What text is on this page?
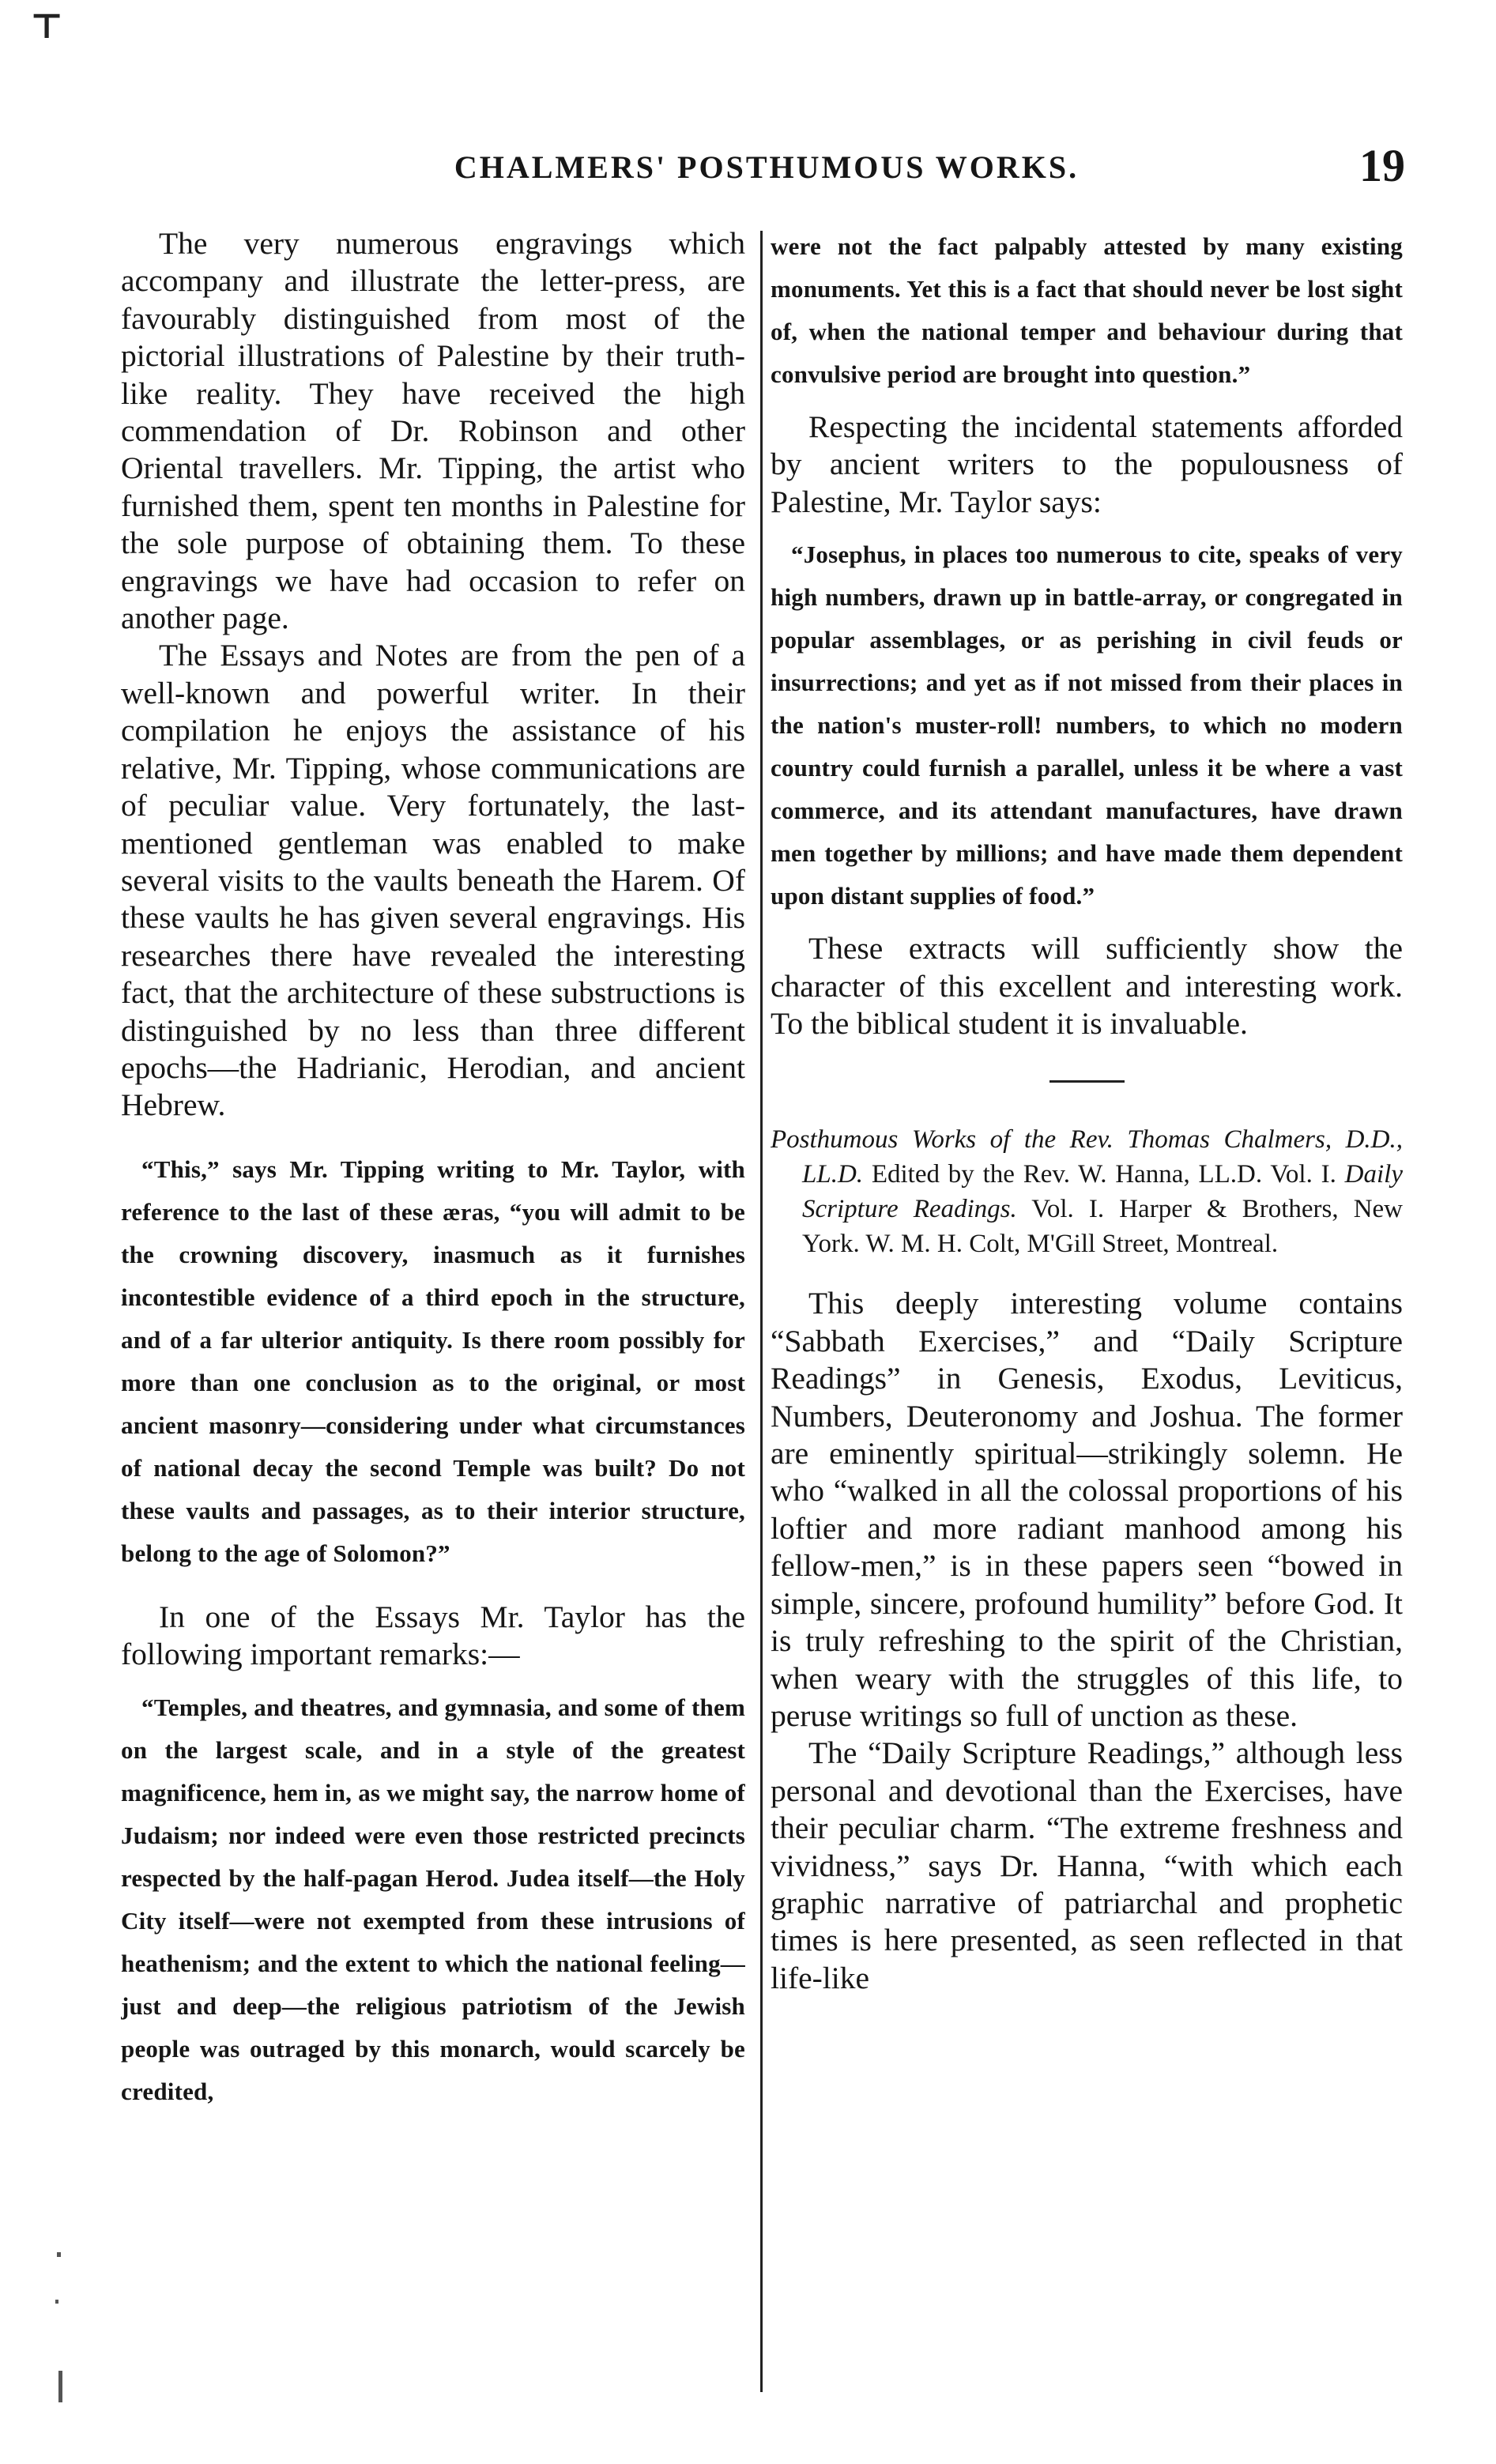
⊤
CHALMERS' POSTHUMOUS WORKS.	19

The very numerous engravings which accompany and illustrate the letter-press, are favourably distinguished from most of the pictorial illustrations of Palestine by their truth-like reality. They have received the high commendation of Dr. Robinson and other Oriental travellers. Mr. Tipping, the artist who furnished them, spent ten months in Palestine for the sole purpose of obtaining them. To these engravings we have had occasion to refer on another page.

The Essays and Notes are from the pen of a well-known and powerful writer. In their compilation he enjoys the assistance of his relative, Mr. Tipping, whose communications are of peculiar value. Very fortunately, the last-mentioned gentleman was enabled to make several visits to the vaults beneath the Harem. Of these vaults he has given several engravings. His researches there have revealed the interesting fact, that the architecture of these substructions is distinguished by no less than three different epochs—the Hadrianic, Herodian, and ancient Hebrew.

“This,” says Mr. Tipping writing to Mr. Taylor, with reference to the last of these æras, “you will admit to be the crowning discovery, inasmuch as it furnishes incontestible evidence of a third epoch in the structure, and of a far ulterior antiquity. Is there room possibly for more than one conclusion as to the original, or most ancient masonry—considering under what circumstances of national decay the second Temple was built? Do not these vaults and passages, as to their interior structure, belong to the age of Solomon?”

In one of the Essays Mr. Taylor has the following important remarks:—

“Temples, and theatres, and gymnasia, and some of them on the largest scale, and in a style of the greatest magnificence, hem in, as we might say, the narrow home of Judaism; nor indeed were even those restricted precincts respected by the half-pagan Herod. Judea itself—the Holy City itself—were not exempted from these intrusions of heathenism; and the extent to which the national feeling—just and deep—the religious patriotism of the Jewish people was outraged by this monarch, would scarcely be credited,

were not the fact palpably attested by many existing monuments. Yet this is a fact that should never be lost sight of, when the national temper and behaviour during that convulsive period are brought into question.”

Respecting the incidental statements afforded by ancient writers to the populousness of Palestine, Mr. Taylor says:

“Josephus, in places too numerous to cite, speaks of very high numbers, drawn up in battle-array, or congregated in popular assemblages, or as perishing in civil feuds or insurrections; and yet as if not missed from their places in the nation's muster-roll! numbers, to which no modern country could furnish a parallel, unless it be where a vast commerce, and its attendant manufactures, have drawn men together by millions; and have made them dependent upon distant supplies of food.”

These extracts will sufficiently show the character of this excellent and interesting work. To the biblical student it is invaluable.

Posthumous Works of the Rev. Thomas Chalmers, D.D., LL.D. Edited by the Rev. W. Hanna, LL.D. Vol. I. Daily Scripture Readings. Vol. I. Harper & Brothers, New York. W. M. H. Colt, M'Gill Street, Montreal.

This deeply interesting volume contains “Sabbath Exercises,” and “Daily Scripture Readings” in Genesis, Exodus, Leviticus, Numbers, Deuteronomy and Joshua. The former are eminently spiritual—strikingly solemn. He who “walked in all the colossal proportions of his loftier and more radiant manhood among his fellow-men,” is in these papers seen “bowed in simple, sincere, profound humility” before God. It is truly refreshing to the spirit of the Christian, when weary with the struggles of this life, to peruse writings so full of unction as these.

The “Daily Scripture Readings,” although less personal and devotional than the Exercises, have their peculiar charm. “The extreme freshness and vividness,” says Dr. Hanna, “with which each graphic narrative of patriarchal and prophetic times is here presented, as seen reflected in that life-like
